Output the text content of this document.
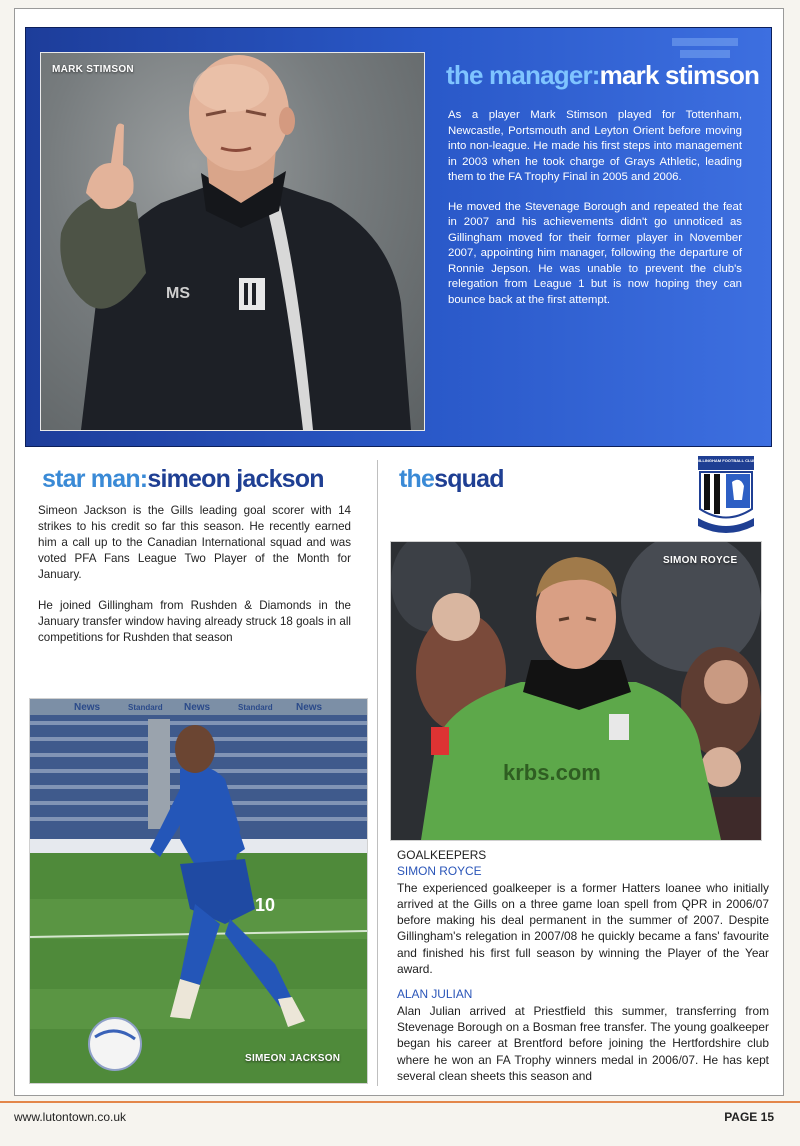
MS
MARK STIMSON	the manager:mark stimson

As a player Mark Stimson played for Tottenham, Newcastle, Portsmouth and Leyton Orient before moving into non-league. He made his first steps into management in 2003 when he took charge of Grays Athletic, leading them to the FA Trophy Final in 2005 and 2006.

He moved the Stevenage Borough and repeated the feat in 2007 and his achievements didn't go unnoticed as Gillingham moved for their former player in November 2007, appointing him manager, following the departure of Ronnie Jepson. He was unable to prevent the club's relegation from League 1 but is now hoping they can bounce back at the first attempt.

star man:simeon jackson

Simeon Jackson is the Gills leading goal scorer with 14 strikes to his credit so far this season. He recently earned him a call up to the Canadian International squad and was voted PFA Fans League Two Player of the Month for January.

He joined Gillingham from Rushden & Diamonds in the January transfer window having already struck 18 goals in all competitions for Rushden that season

News	Standard News	Standard News
10
SIMEON JACKSON
thesquad
GILLINGHAM FOOTBALL CLUB
krbs.com
SIMON ROYCE
GOALKEEPERS
SIMON ROYCE

The experienced goalkeeper is a former Hatters loanee who initially arrived at the Gills on a three game loan spell from QPR in 2006/07 before making his deal permanent in the summer of 2007. Despite Gillingham's relegation in 2007/08 he quickly became a fans' favourite and finished his first full season by winning the Player of the Year award.

ALAN JULIAN

Alan Julian arrived at Priestfield this summer, transferring from Stevenage Borough on a Bosman free transfer. The young goalkeeper began his career at Brentford before joining the Hertfordshire club where he won an FA Trophy winners medal in 2006/07. He has kept several clean sheets this season and

www.lutontown.co.uk	PAGE 15
